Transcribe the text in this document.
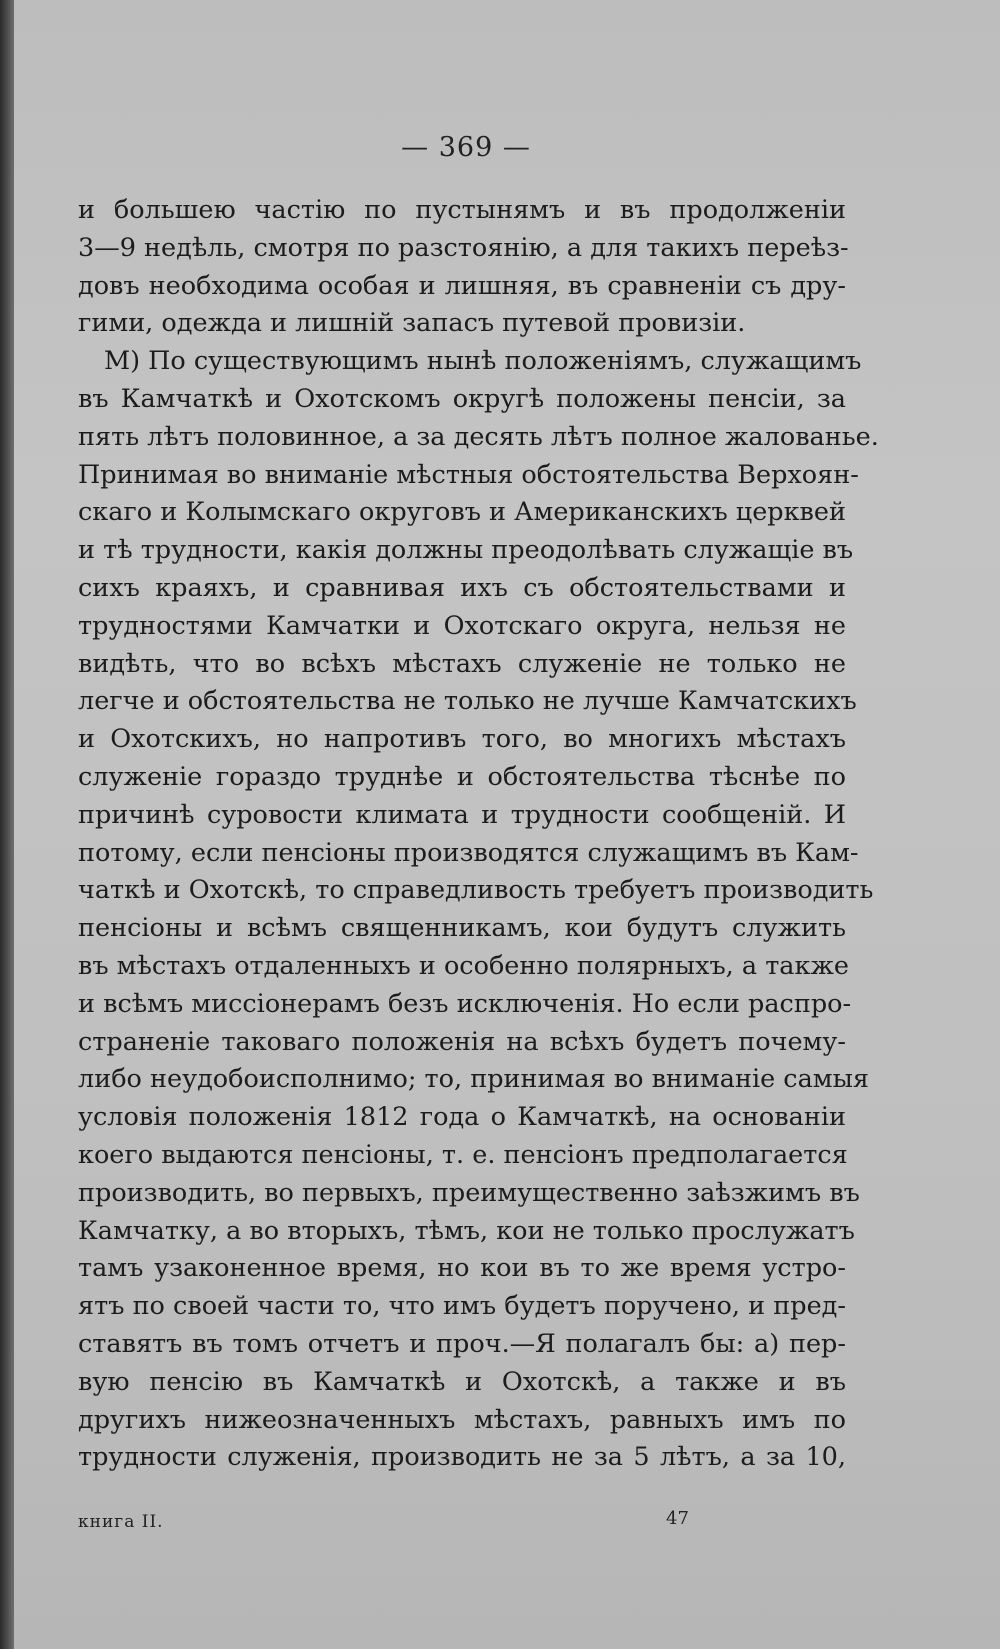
— 369 —
и большею частію по пустынямъ и въ продолженіи
3—9 недѣль, смотря по разстоянію, а для такихъ переѣз-
довъ необходима особая и лишняя, въ сравненіи съ дру-
гими, одежда и лишній запасъ путевой провизіи.
М) По существующимъ нынѣ положеніямъ, служащимъ
въ Камчаткѣ и Охотскомъ округѣ положены пенсіи, за
пять лѣтъ половинное, а за десять лѣтъ полное жалованье.
Принимая во вниманіе мѣстныя обстоятельства Верхоян-
скаго и Колымскаго округовъ и Американскихъ церквей
и тѣ трудности, какія должны преодолѣвать служащіе въ
сихъ краяхъ, и сравнивая ихъ съ обстоятельствами и
трудностями Камчатки и Охотскаго округа, нельзя не
видѣть, что во всѣхъ мѣстахъ служеніе не только не
легче и обстоятельства не только не лучше Камчатскихъ
и Охотскихъ, но напротивъ того, во многихъ мѣстахъ
служеніе гораздо труднѣе и обстоятельства тѣснѣе по
причинѣ суровости климата и трудности сообщеній. И
потому, если пенсіоны производятся служащимъ въ Кам-
чаткѣ и Охотскѣ, то справедливость требуетъ производить
пенсіоны и всѣмъ священникамъ, кои будутъ служить
въ мѣстахъ отдаленныхъ и особенно полярныхъ, а также
и всѣмъ миссіонерамъ безъ исключенія. Но если распро-
страненіе таковаго положенія на всѣхъ будетъ почему-
либо неудобоисполнимо; то, принимая во вниманіе самыя
условія положенія 1812 года о Камчаткѣ, на основаніи
коего выдаются пенсіоны, т. е. пенсіонъ предполагается
производить, во первыхъ, преимущественно заѣзжимъ въ
Камчатку, а во вторыхъ, тѣмъ, кои не только прослужатъ
тамъ узаконенное время, но кои въ то же время устро-
ятъ по своей части то, что имъ будетъ поручено, и пред-
ставятъ въ томъ отчетъ и проч.—Я полагалъ бы: а) пер-
вую пенсію въ Камчаткѣ и Охотскѣ, а также и въ
другихъ нижеозначенныхъ мѣстахъ, равныхъ имъ по
трудности служенія, производить не за 5 лѣтъ, а за 10,
книга II.	47
